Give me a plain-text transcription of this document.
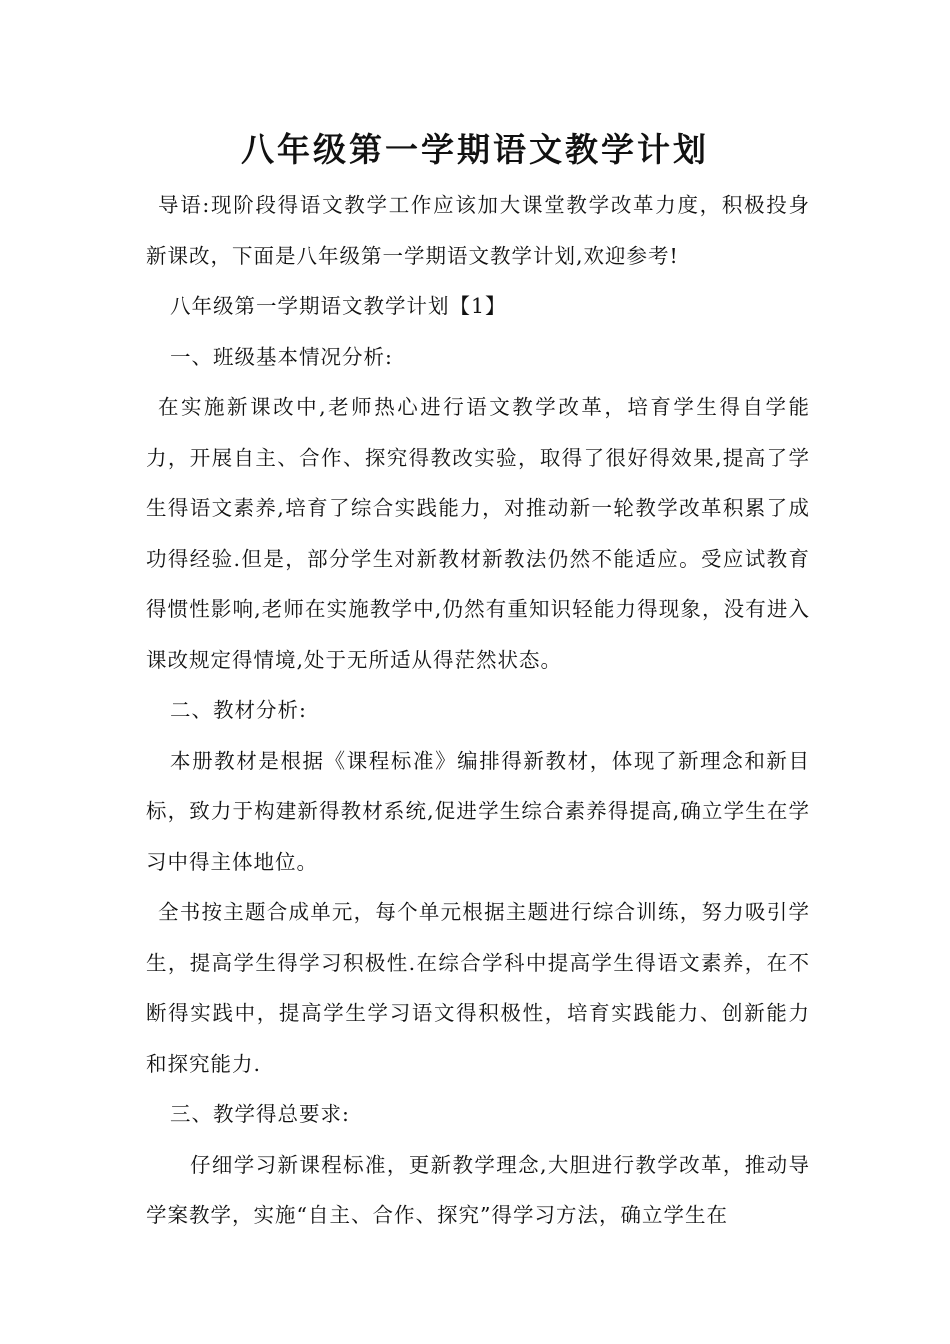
八年级第一学期语文教学计划

导语:现阶段得语文教学工作应该加大课堂教学改革力度，积极投身新课改，下面是八年级第一学期语文教学计划,欢迎参考!

八年级第一学期语文教学计划【1】

一、班级基本情况分析:

在实施新课改中,老师热心进行语文教学改革，培育学生得自学能力，开展自主、合作、探究得教改实验，取得了很好得效果,提高了学生得语文素养,培育了综合实践能力，对推动新一轮教学改革积累了成功得经验.但是，部分学生对新教材新教法仍然不能适应。受应试教育得惯性影响,老师在实施教学中,仍然有重知识轻能力得现象，没有进入课改规定得情境,处于无所适从得茫然状态。

二、教材分析:

本册教材是根据《课程标准》编排得新教材，体现了新理念和新目标，致力于构建新得教材系统,促进学生综合素养得提高,确立学生在学习中得主体地位。

全书按主题合成单元，每个单元根据主题进行综合训练，努力吸引学生，提高学生得学习积极性.在综合学科中提高学生得语文素养，在不断得实践中，提高学生学习语文得积极性，培育实践能力、创新能力和探究能力.

三、教学得总要求:

仔细学习新课程标准，更新教学理念,大胆进行教学改革，推动导学案教学，实施“自主、合作、探究”得学习方法，确立学生在
